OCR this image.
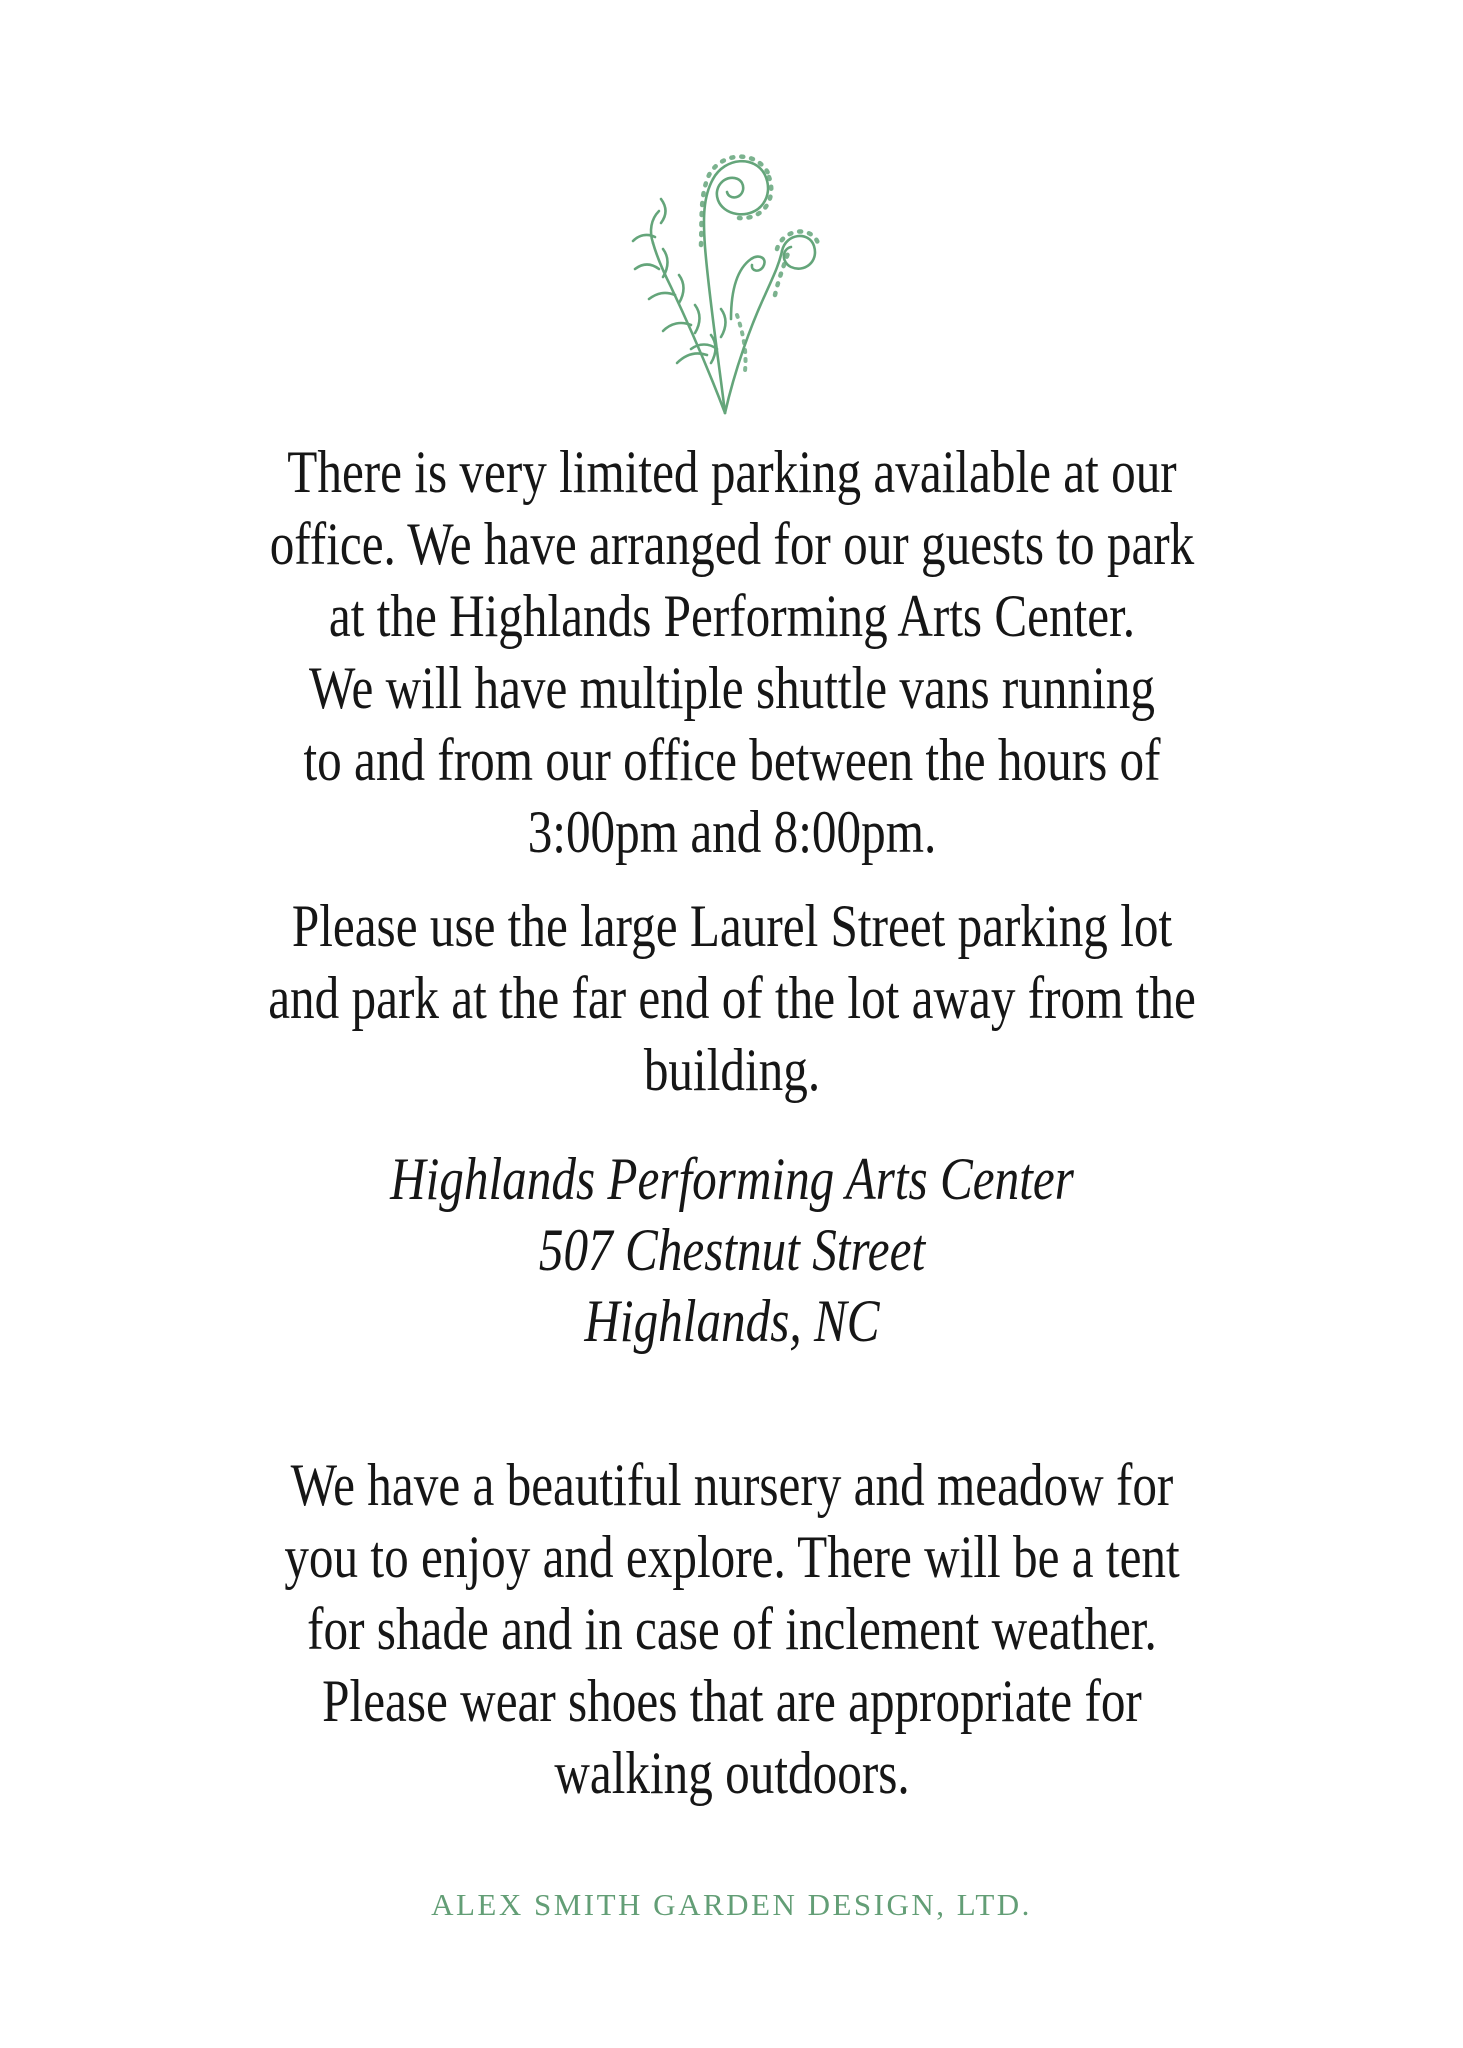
There is very limited parking available at our
office. We have arranged for our guests to park
at the Highlands Performing Arts Center.
We will have multiple shuttle vans running
to and from our office between the hours of
3:00pm and 8:00pm.
Please use the large Laurel Street parking lot
and park at the far end of the lot away from the
building.
Highlands Performing Arts Center
507 Chestnut Street
Highlands, NC
We have a beautiful nursery and meadow for
you to enjoy and explore. There will be a tent
for shade and in case of inclement weather.
Please wear shoes that are appropriate for
walking outdoors.
ALEX SMITH GARDEN DESIGN, LTD.
